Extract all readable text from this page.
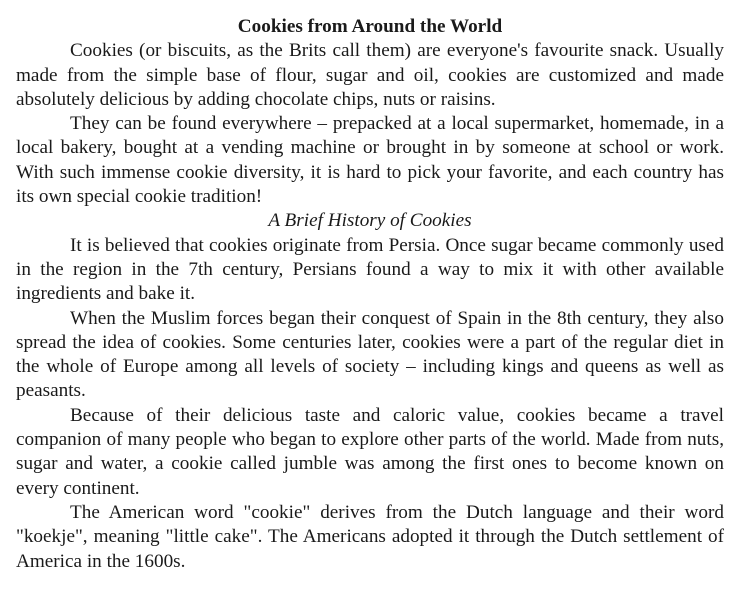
Cookies from Around the World

Cookies (or biscuits, as the Brits call them) are everyone's favourite snack. Usually made from the simple base of flour, sugar and oil, cookies are customized and made absolutely delicious by adding chocolate chips, nuts or raisins.

They can be found everywhere – prepacked at a local supermarket, homemade, in a local bakery, bought at a vending machine or brought in by someone at school or work. With such immense cookie diversity, it is hard to pick your favorite, and each country has its own special cookie tradition!

A Brief History of Cookies

It is believed that cookies originate from Persia. Once sugar became commonly used in the region in the 7th century, Persians found a way to mix it with other available ingredients and bake it.

When the Muslim forces began their conquest of Spain in the 8th century, they also spread the idea of cookies. Some centuries later, cookies were a part of the regular diet in the whole of Europe among all levels of society – including kings and queens as well as peasants.

Because of their delicious taste and caloric value, cookies became a travel companion of many people who began to explore other parts of the world. Made from nuts, sugar and water, a cookie called jumble was among the first ones to become known on every continent.

The American word "cookie" derives from the Dutch language and their word "koekje", meaning "little cake". The Americans adopted it through the Dutch settlement of America in the 1600s.
